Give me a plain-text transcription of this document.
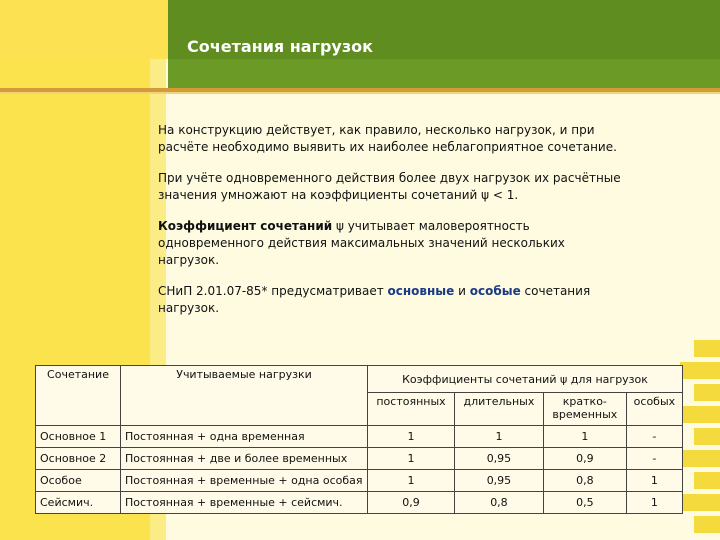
Сочетания нагрузок

На конструкцию действует, как правило, несколько нагрузок, и при расчёте необходимо выявить их наиболее неблагоприятное сочетание.

При учёте одновременного действия более двух нагрузок их расчётные значения умножают на коэффициенты сочетаний ψ < 1.

Коэффициент сочетаний ψ учитывает маловероятность одновременного действия максимальных значений нескольких нагрузок.

СНиП 2.01.07-85* предусматривает основные и особые сочетания нагрузок.

Сочетание	Учитываемые нагрузки	Коэффициенты сочетаний ψ для нагрузок			
		постоянных	длительных	кратко-временных	особых
Основное 1	Постоянная + одна временная	1	1	1	-
Основное 2	Постоянная + две и более временных	1	0,95	0,9	-
Особое	Постоянная + временные + одна особая	1	0,95	0,8	1
Сейсмич.	Постоянная + временные + сейсмич.	0,9	0,8	0,5	1
